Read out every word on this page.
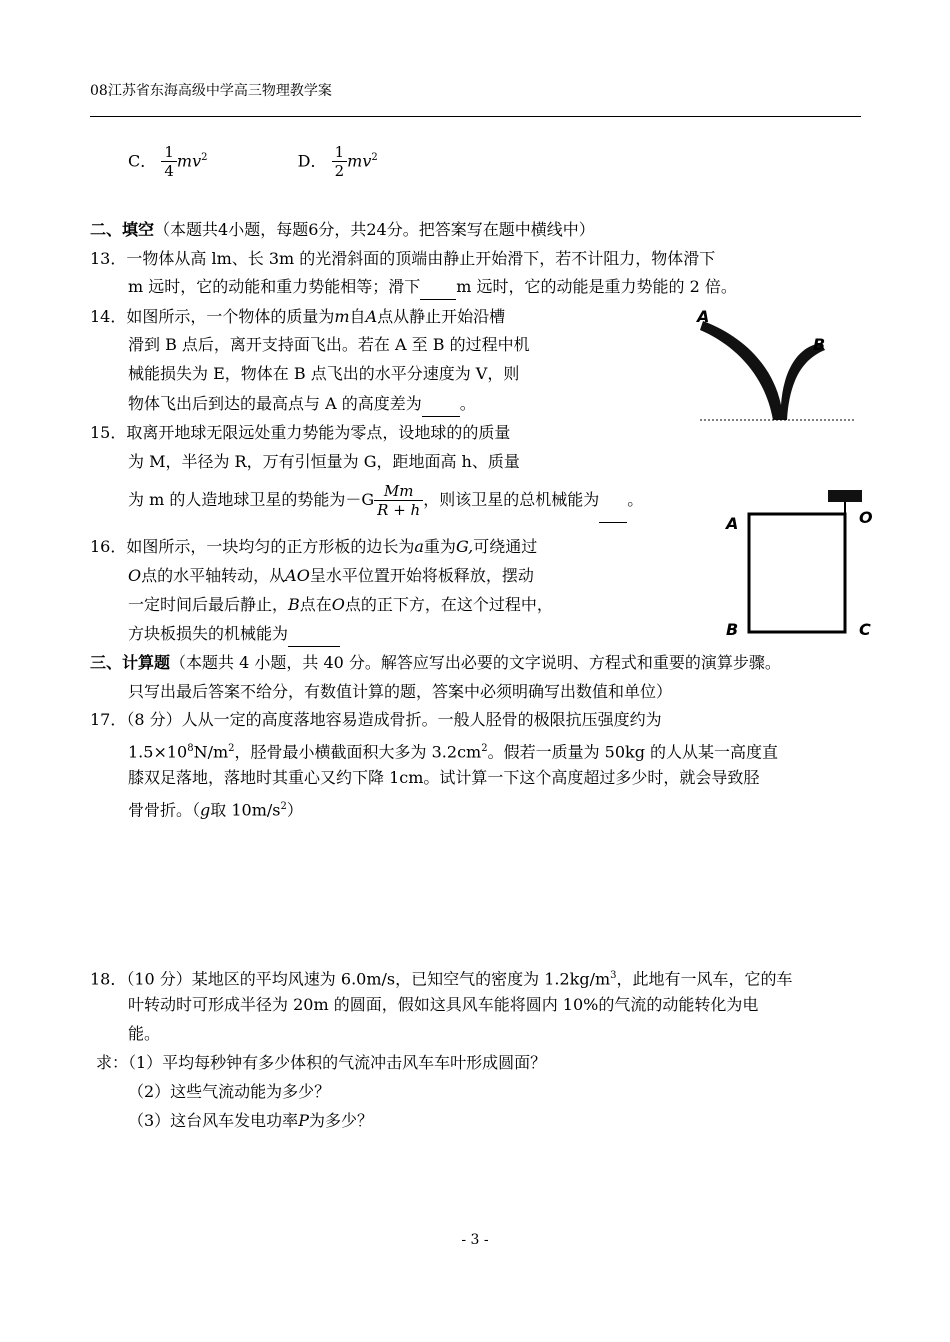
08江苏省东海高级中学高三物理教学案
C． $\frac{1}{4} mv^2$	D． $\frac{1}{2} mv^2$
二、填空（本题共4小题，每题6分，共24分。把答案写在题中横线中）
13．一物体从高 lm、长 3m 的光滑斜面的顶端由静止开始滑下，若不计阻力，物体滑下
m 远时，它的动能和重力势能相等；滑下 m 远时，它的动能是重力势能的 2 倍。
14．如图所示，一个物体的质量为m自A点从静止开始沿槽
滑到 B 点后，离开支持面飞出。若在 A 至 B 的过程中机
械能损失为 E，物体在 B 点飞出的水平分速度为 V，则
物体飞出后到达的最高点与 A 的高度差为 。
A
B
15．取离开地球无限远处重力势能为零点，设地球的的质量
为 M，半径为 R，万有引恒量为 G，距地面高 h、质量
为 m 的人造地球卫星的势能为$-G \frac{Mm}{R + h}$ ，则该卫星的总机械能为 。
A	O
B	C
16．如图所示，一块均匀的正方形板的边长为a重为G,可绕通过
O点的水平轴转动，从AO呈水平位置开始将板释放，摆动
一定时间后最后静止，B点在O点的正下方，在这个过程中，
方块板损失的机械能为
三、计算题（本题共 4 小题，共 40 分。解答应写出必要的文字说明、方程式和重要的演算步骤。
只写出最后答案不给分，有数值计算的题，答案中必须明确写出数值和单位）
17．（8 分）人从一定的高度落地容易造成骨折。一般人胫骨的极限抗压强度约为
$1.5\times 10^8N/m^2$，胫骨最小横截面积大多为 $3.2cm^2$。假若一质量为 50kg 的人从某一高度直
膝双足落地，落地时其重心又约下降 1cm。试计算一下这个高度超过多少时，就会导致胫
骨骨折。（g取 $10m/s^2$）
18．（10 分）某地区的平均风速为 6.0m/s，已知空气的密度为 $1.2kg/m^3$，此地有一风车，它的车
叶转动时可形成半径为 20m 的圆面，假如这具风车能将圆内 10%的气流的动能转化为电
能。
求：（1）平均每秒钟有多少体积的气流冲击风车车叶形成圆面？
（2）这些气流动能为多少？
（3）这台风车发电功率P为多少？
- 3 -
